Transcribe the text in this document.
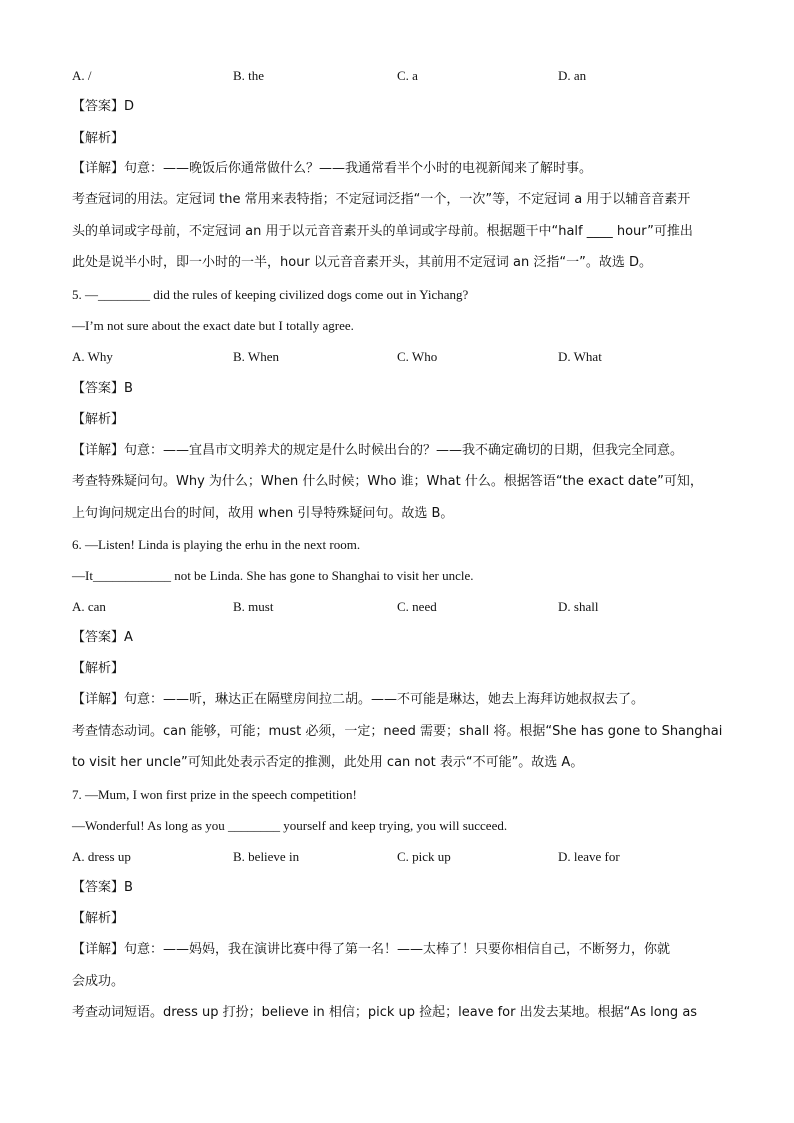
A. /	B. the	C. a	D. an
【答案】D
【解析】
【详解】句意：——晚饭后你通常做什么？——我通常看半个小时的电视新闻来了解时事。
考查冠词的用法。定冠词 the 常用来表特指；不定冠词泛指“一个，一次”等，不定冠词 a 用于以辅音音素开
头的单词或字母前，不定冠词 an 用于以元音音素开头的单词或字母前。根据题干中“half ____ hour”可推出
此处是说半小时，即一小时的一半，hour 以元音音素开头，其前用不定冠词 an 泛指“一”。故选 D。
5. —________ did the rules of keeping civilized dogs come out in Yichang?
—I’m not sure about the exact date but I totally agree.
A. Why	B. When	C. Who	D. What
【答案】B
【解析】
【详解】句意：——宜昌市文明养犬的规定是什么时候出台的？——我不确定确切的日期，但我完全同意。
考查特殊疑问句。Why 为什么；When 什么时候；Who 谁；What 什么。根据答语“the exact date”可知，
上句询问规定出台的时间，故用 when 引导特殊疑问句。故选 B。
6. —Listen! Linda is playing the erhu in the next room.
—It____________ not be Linda. She has gone to Shanghai to visit her uncle.
A. can	B. must	C. need	D. shall
【答案】A
【解析】
【详解】句意：——听，琳达正在隔壁房间拉二胡。——不可能是琳达，她去上海拜访她叔叔去了。
考查情态动词。can 能够，可能；must 必须，一定；need 需要；shall 将。根据“She has gone to Shanghai
to visit her uncle”可知此处表示否定的推测，此处用 can not 表示“不可能”。故选 A。
7. —Mum, I won first prize in the speech competition!
—Wonderful! As long as you ________ yourself and keep trying, you will succeed.
A. dress up	B. believe in	C. pick up	D. leave for
【答案】B
【解析】
【详解】句意：——妈妈，我在演讲比赛中得了第一名！——太棒了！只要你相信自己，不断努力，你就
会成功。
考查动词短语。dress up 打扮；believe in 相信；pick up 捡起；leave for 出发去某地。根据“As long as
